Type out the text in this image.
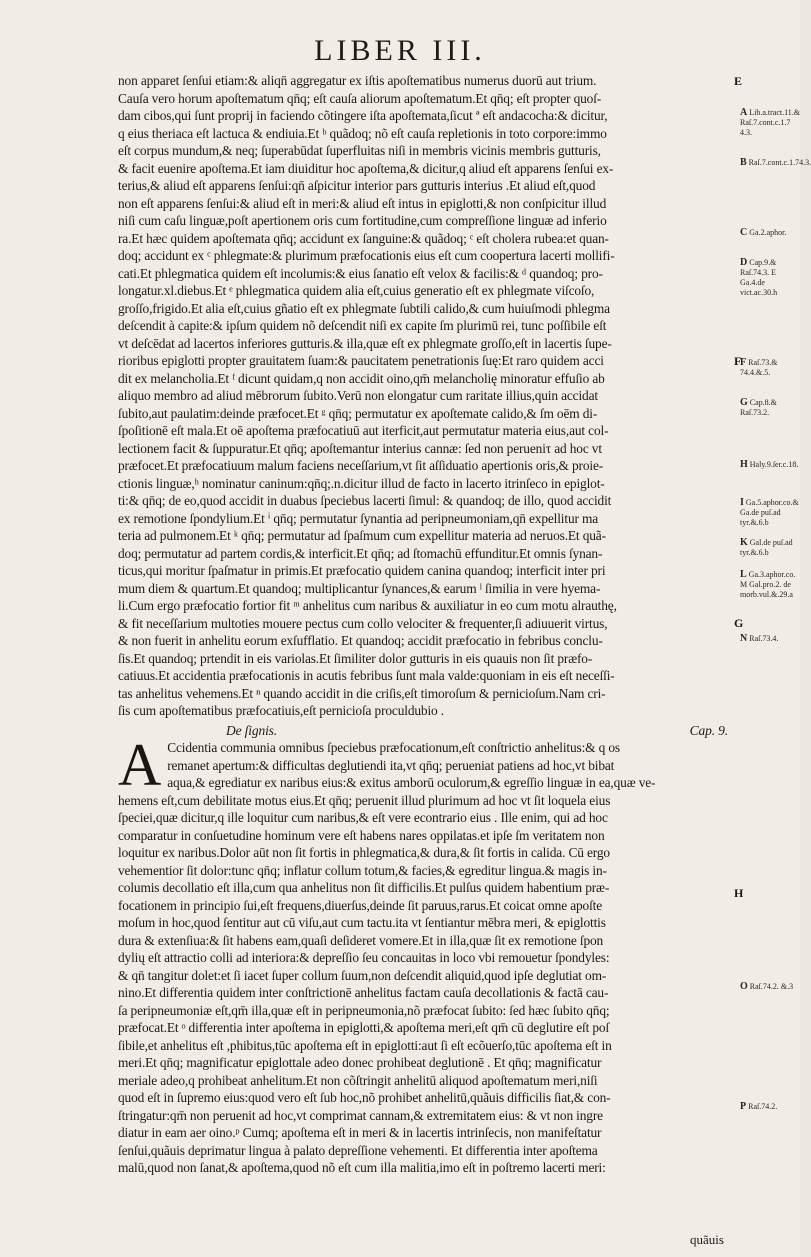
LIBER III.
non apparet ſenſui etiam:& aliqn̄ aggregatur ex iſtis apoſtematibus numerus duorū aut trium.
Cauſa vero horum apoſtematum qn̄q; eſt cauſa aliorum apoſtematum.Et qn̄q; eſt propter quoſ-
dam cibos,qui ſunt proprij in faciendo cõtingere iſta apoſtemata,ſicut ª eſt andacocha:& dicitur,
q eius theriaca eſt lactuca & endiuia.Et ᵇ quãdoq; nõ eſt cauſa repletionis in toto corpore:immo
eſt corpus mundum,& neq; ſuperabūdat ſuperfluitas niſi in membris vicinis membris gutturis,
& facit euenire apoſtema.Et iam diuiditur hoc apoſtema,& dicitur,q aliud eſt apparens ſenſui ex-
terius,& aliud eſt apparens ſenſui:qn̄ aſpicitur interior pars gutturis interius .Et aliud eſt,quod
non eſt apparens ſenſui:& aliud eſt in meri:& aliud eſt intus in epiglotti,& non conſpicitur illud
niſi cum caſu linguæ,poſt apertionem oris cum fortitudine,cum compreſſione linguæ ad inferio
ra.Et hæc quidem apoſtemata qn̄q; accidunt ex ſanguine:& quãdoq; ᶜ eſt cholera rubea:et quan-
doq; accidunt ex ᶜ phlegmate:& plurimum præfocationis eius eſt cum coopertura lacerti mollifi-
cati.Et phlegmatica quidem eſt incolumis:& eius ſanatio eſt velox & facilis:& ᵈ quandoq; pro-
longatur.xl.diebus.Et ᵉ phlegmatica quidem alia eſt,cuius generatio eſt ex phlegmate viſcoſo,
groſſo,frigido.Et alia eſt,cuius gñatio eſt ex phlegmate ſubtili calido,& cum huiuſmodi phlegma
deſcendit à capite:& ipſum quidem nõ deſcendit niſi ex capite ſm plurimū rei, tunc poſſibile eſt
vt deſcēdat ad lacertos inferiores gutturis.& illa,quæ eſt ex phlegmate groſſo,eſt in lacertis ſupe-
rioribus epiglotti propter grauitatem ſuam:& paucitatem penetrationis ſuę:Et raro quidem acci
dit ex melancholia.Et ᶠ dicunt quidam,q non accidit oino,qm̄ melancholię minoratur effuſio ab
aliquo membro ad aliud mēbrorum ſubito.Verū non elongatur cum raritate illius,quin accidat
ſubito,aut paulatim:deinde præfocet.Et ᵍ qn̄q; permutatur ex apoſtemate calido,& ſm oēm di-
ſpoſitionē eſt mala.Et oē apoſtema præfocatiuū aut iterficit,aut permutatur materia eius,aut col-
lectionem facit & ſuppuratur.Et qn̄q; apoſtemantur interius cannæ: ſed non perueniτ ad hoc vt
præfocet.Et præfocatiuum malum faciens neceſſarium,vt ſit aſſiduatio apertionis oris,& proie-
ctionis linguæ,ʰ nominatur caninum:qn̄q;.n.dicitur illud de facto in lacerto itrinſeco in epiglot-
ti:& qn̄q; de eo,quod accidit in duabus ſpeciebus lacerti ſimul: & quandoq; de illo, quod accidit
ex remotione ſpondylium.Et ⁱ qn̄q; permutatur ſynantia ad peripneumoniam,qn̄ expellitur ma
teria ad pulmonem.Et ᵏ qn̄q; permutatur ad ſpaſmum cum expellitur materia ad neruos.Et quã-
doq; permutatur ad partem cordis,& interficit.Et qn̄q; ad ſtomachū effunditur.Et omnis ſynan-
ticus,qui moritur ſpaſmatur in primis.Et præfocatio quidem canina quandoq; interficit inter pri
mum diem & quartum.Et quandoq; multiplicantur ſynances,& earum ˡ ſimilia in vere hyema-
li.Cum ergo præfocatio fortior fit ᵐ anhelitus cum naribus & auxiliatur in eo cum motu alrauthę,
& fit neceſſarium multoties mouere pectus cum collo velociter & frequenter,ſi adiuuerit virtus,
& non fuerit in anhelitu eorum exſufflatio. Et quandoq; accidit præfocatio in febribus conclu-
ſis.Et quandoq; prtendit in eis variolas.Et ſimiliter dolor gutturis in eis quauis non ſit præfo-
catiuus.Et accidentia præfocationis in acutis febribus ſunt mala valde:quoniam in eis eſt neceſſi-
tas anhelitus vehemens.Et ⁿ quando accidit in die criſis,eſt timoroſum & pernicioſum.Nam cri-
ſis cum apoſtematibus præfocatiuis,eſt pernicioſa proculdubio .
De ſignis.	Cap. 9.
A Ccidentia communia omnibus ſpeciebus præfocationum,eſt conſtrictio anhelitus:& q os
remanet apertum:& difficultas deglutiendi ita,vt qn̄q; perueniat patiens ad hoc,vt bibat
aqua,& egrediatur ex naribus eius:& exitus amborū oculorum,& egreſſio linguæ in ea,quæ ve-
hemens eſt,cum debilitate motus eius.Et qn̄q; peruenit illud plurimum ad hoc vt ſit loquela eius
ſpeciei,quæ dicitur,q ille loquitur cum naribus,& eſt vere econtrario eius . Ille enim, qui ad hoc
comparatur in conſuetudine hominum vere eſt habens nares oppilatas.et ipſe ſm veritatem non
loquitur ex naribus.Dolor aūt non ſit fortis in phlegmatica,& dura,& ſit fortis in calida. Cū ergo
vehementior ſit dolor:tunc qn̄q; inflatur collum totum,& facies,& egreditur lingua.& magis in-
columis decollatio eſt illa,cum qua anhelitus non ſit difficilis.Et pulſus quidem habentium præ-
focationem in principio ſui,eſt frequens,diuerſus,deinde ſit paruus,rarus.Et coicat omne apoſte
moſum in hoc,quod ſentitur aut cū viſu,aut cum tactu.ita vt ſentiantur mēbra meri, & epiglottis
dura & extenſiua:& ſit habens eam,quaſi deſideret vomere.Et in illa,quæ ſit ex remotione ſpon
dylių eſt attractio colli ad interiora:& depreſſio ſeu concauitas in loco vbi remouetur ſpondyles:
& qn̄ tangitur dolet:et ſi iacet ſuper collum ſuum,non deſcendit aliquid,quod ipſe deglutiat om-
nino.Et differentia quidem inter conſtrictionē anhelitus factam cauſa decollationis & factā cau-
ſa peripneumoniæ eſt,qm̄ illa,quæ eſt in peripneumonia,nõ præfocat ſubito: ſed hæc ſubito qn̄q;
præfocat.Et ᵒ differentia inter apoſtema in epiglotti,& apoſtema meri,eſt qm̄ cū deglutire eſt poſ
ſibile,et anhelitus eſt ,phibitus,tūc apoſtema eſt in epiglotti:aut ſi eſt ecõuerſo,tūc apoſtema eſt in
meri.Et qn̄q; magnificatur epiglottale adeo donec prohibeat deglutionē . Et qn̄q; magnificatur
meriale adeo,q prohibeat anhelitum.Et non cõſtringit anhelitū aliquod apoſtematum meri,niſi
quod eſt in ſupremo eius:quod vero eſt ſub hoc,nõ prohibet anhelitū,quãuis difficilis ſiat,& con-
ſtringatur:qm̄ non peruenit ad hoc,vt comprimat cannam,& extremitatem eius: & vt non ingre
diatur in eam aer oino.ᵖ Cumq; apoſtema eſt in meri & in lacertis intrinſecis, non manifeſtatur
ſenſui,quãuis deprimatur lingua à palato depreſſione vehementi. Et differentia inter apoſtema
malū,quod non ſanat,& apoſtema,quod nõ eſt cum illa malitia,imo eſt in poſtremo lacerti meri:
E
F
G
H
A Lib.a.tract.11.& Raſ.7.cont.c.1.7 4.3.
B Raſ.7.cont.c.1.74.3.
C Ga.2.aphor.
D Cap.9.& Raſ.74.3. E Ga.4.de vict.ac.30.h
F Raſ.73.& 74.4.&.5.
G Cap.8.& Raſ.73.2.
H Haly.9.ſer.c.18.
I Ga.5.aphor.co.& Ga.de puſ.ad tyr.&.6.b
K Gal.de puſ.ad tyr.&.6.b
L Ga.3.aphor.co. M Gal.pro.2. de morb.vul.&.29.a
N Raſ.73.4.
O Raſ.74.2. &.3
P Raſ.74.2.
quãuis
